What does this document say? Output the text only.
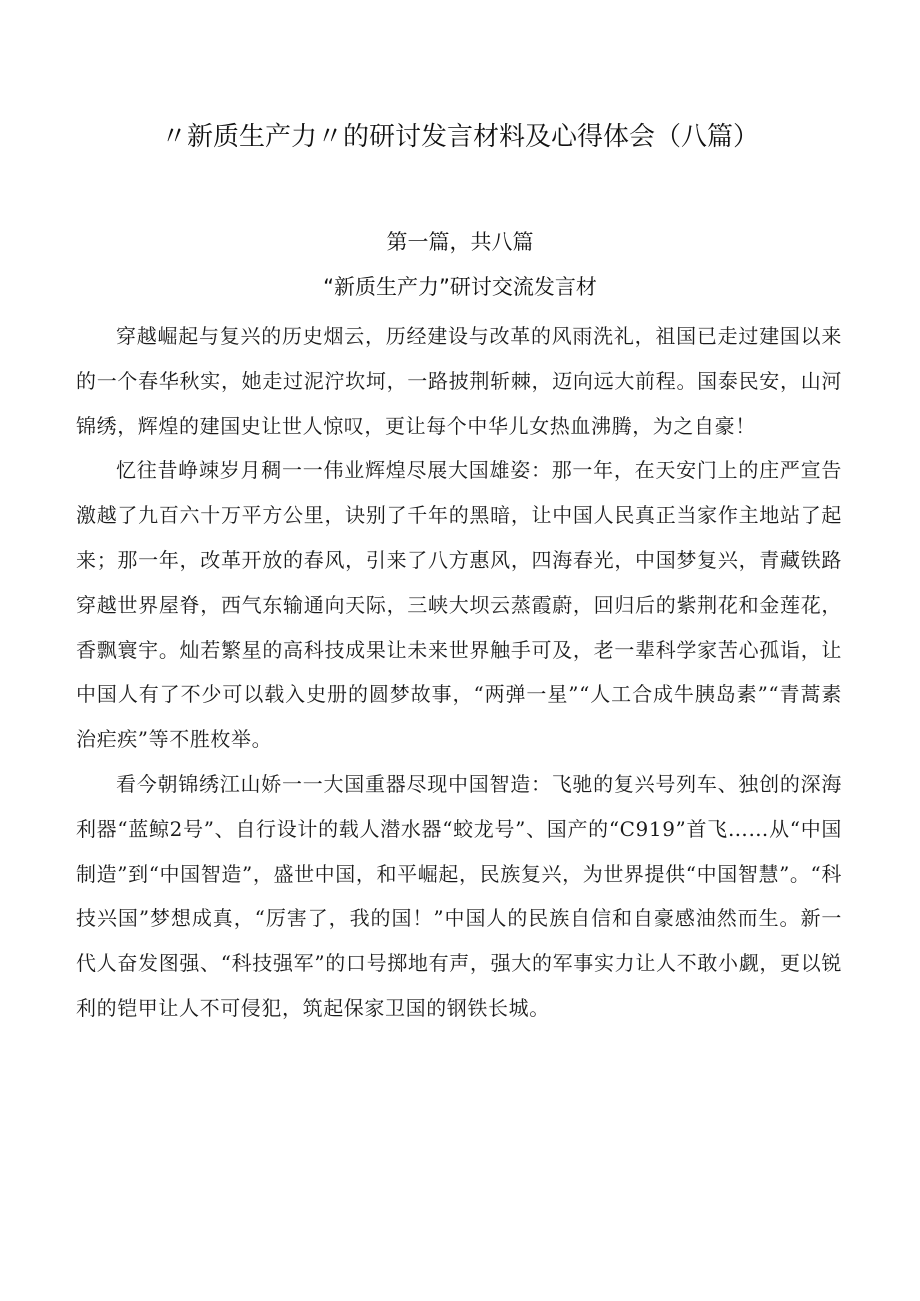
〃新质生产力〃的研讨发言材料及心得体会（八篇）
第一篇，共八篇
“新质生产力”研讨交流发言材

穿越崛起与复兴的历史烟云，历经建设与改革的风雨洗礼，祖国已走过建国以来的一个春华秋实，她走过泥泞坎坷，一路披荆斩棘，迈向远大前程。国泰民安，山河锦绣，辉煌的建国史让世人惊叹，更让每个中华儿女热血沸腾，为之自豪！

忆往昔峥竦岁月稠一一伟业辉煌尽展大国雄姿：那一年，在天安门上的庄严宣告激越了九百六十万平方公里，诀别了千年的黑暗，让中国人民真正当家作主地站了起来；那一年，改革开放的春风，引来了八方惠风，四海春光，中国梦复兴，青藏铁路穿越世界屋脊，西气东输通向天际，三峡大坝云蒸霞蔚，回归后的紫荆花和金莲花，香飘寰宇。灿若繁星的高科技成果让未来世界触手可及，老一辈科学家苦心孤诣，让中国人有了不少可以载入史册的圆梦故事，“两弹一星”“人工合成牛胰岛素”“青蒿素治疟疾”等不胜枚举。

看今朝锦绣江山娇一一大国重器尽现中国智造：飞驰的复兴号列车、独创的深海利器“蓝鲸2号”、自行设计的载人潜水器“蛟龙号”、国产的“C919”首飞……从“中国制造”到“中国智造”，盛世中国，和平崛起，民族复兴，为世界提供“中国智慧”。“科技兴国”梦想成真，“厉害了，我的国！”中国人的民族自信和自豪感油然而生。新一代人奋发图强、“科技强军”的口号掷地有声，强大的军事实力让人不敢小觑，更以锐利的铠甲让人不可侵犯，筑起保家卫国的钢铁长城。
